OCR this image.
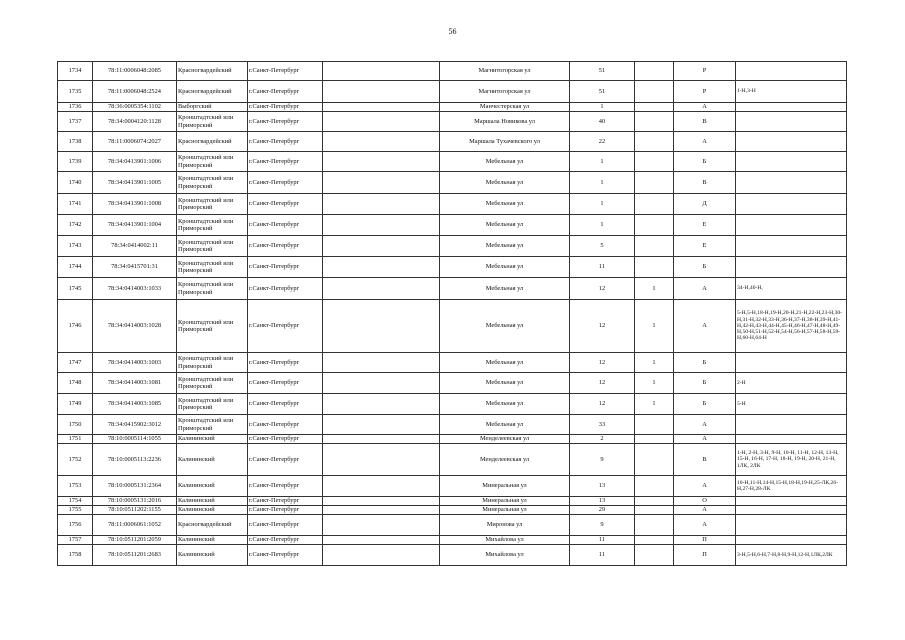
56
1734	78:11:0006048:2085	Красногвардейский	г.Санкт-Петербург		Магнитогорская ул	51		Р	
1735	78:11:0006048:2524	Красногвардейский	г.Санкт-Петербург		Магнитогорская ул	51		Р	1-Н,3-Н
1736	78:36:0005354:1102	Выборгский	г.Санкт-Петербург		Манчестерская ул	1		А	
1737	78:34:0004120:1128	Кронштадтский или Приморский	г.Санкт-Петербург		Маршала Новикова ул	40		В	
1738	78:11:0006074:2027	Красногвардейский	г.Санкт-Петербург		Маршала Тухачевского ул	22		А	
1739	78:34:0413901:1006	Кронштадтский или Приморский	г.Санкт-Петербург		Мебельная ул	1		Б	
1740	78:34:0413901:1005	Кронштадтский или Приморский	г.Санкт-Петербург		Мебельная ул	1		В	
1741	78:34:0413901:1008	Кронштадтский или Приморский	г.Санкт-Петербург		Мебельная ул	1		Д	
1742	78:34:0413901:1004	Кронштадтский или Приморский	г.Санкт-Петербург		Мебельная ул	1		Е	
1743	78:34:0414002:11	Кронштадтский или Приморский	г.Санкт-Петербург		Мебельная ул	5		Е	
1744	78:34:0415701:31	Кронштадтский или Приморский	г.Санкт-Петербург		Мебельная ул	11		Б	
1745	78:34:0414003:1033	Кронштадтский или Приморский	г.Санкт-Петербург		Мебельная ул	12	1	А	34-Н,40-Н,
1746	78:34:0414003:1028	Кронштадтский или Приморский	г.Санкт-Петербург		Мебельная ул	12	1	А	5-Н,5-Н,18-Н,19-Н,20-Н,21-Н,22-Н,23-Н,30-Н,31-Н,32-Н,33-Н,36-Н,37-Н,38-Н,39-Н,41-Н,42-Н,43-Н,44-Н,45-Н,46-Н,47-Н,48-Н,49-Н,50-Н,51-Н,52-Н,54-Н,56-Н,57-Н,58-Н,59-Н,60-Н,64-Н
1747	78:34:0414003:1003	Кронштадтский или Приморский	г.Санкт-Петербург		Мебельная ул	12	1	Б	
1748	78:34:0414003:1081	Кронштадтский или Приморский	г.Санкт-Петербург		Мебельная ул	12	1	Б	2-Н
1749	78:34:0414003:1085	Кронштадтский или Приморский	г.Санкт-Петербург		Мебельная ул	12	1	Б	5-Н
1750	78:34:0415902:3012	Кронштадтский или Приморский	г.Санкт-Петербург		Мебельная ул	33		А	
1751	78:10:0005114:1055	Калининский	г.Санкт-Петербург		Менделеевская ул	2		А	
1752	78:10:0005113:2236	Калининский	г.Санкт-Петербург		Менделеевская ул	9		В	1-Н, 2-Н, 3-Н, 9-Н, 10-Н, 11-Н, 12-Н, 13-Н, 15-Н, 16-Н, 17-Н, 18-Н, 19-Н, 20-Н, 21-Н, 1ЛК, 2ЛК
1753	78:10:0005131:2364	Калининский	г.Санкт-Петербург		Минеральная ул	13		А	10-Н,11-Н,14-Н,15-Н,18-Н,19-Н,25-ЛК,26-Н,27-Н,28-ЛК
1754	78:10:0005131:2016	Калининский	г.Санкт-Петербург		Минеральная ул	13		О	
1755	78:10:0511202:1155	Калининский	г.Санкт-Петербург		Минеральная ул	29		А	
1756	78:11:0006061:1052	Красногвардейский	г.Санкт-Петербург		Миронова ул	9		А	
1757	78:10:0511201:2059	Калининский	г.Санкт-Петербург		Михайлова ул	11		П	
1758	78:10:0511201:2683	Калининский	г.Санкт-Петербург		Михайлова ул	11		П	3-Н,5-Н,6-Н,7-Н,8-Н,9-Н,12-Н,1ЛК,2ЛК
